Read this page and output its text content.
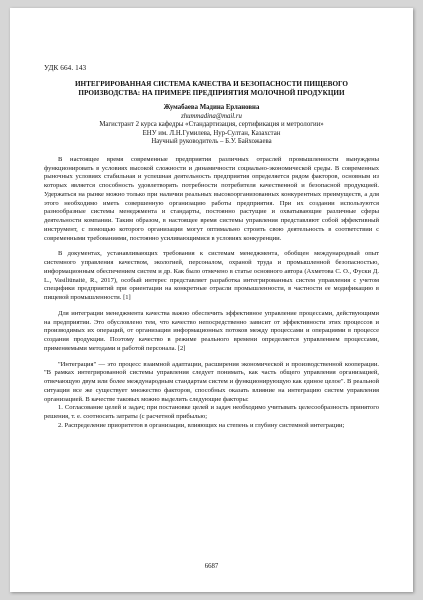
УДК 664. 143
ИНТЕГРИРОВАННАЯ СИСТЕМА КАЧЕСТВА И БЕЗОПАСНОСТИ ПИЩЕВОГО ПРОИЗВОДСТВА: НА ПРИМЕРЕ ПРЕДПРИЯТИЯ МОЛОЧНОЙ ПРОДУКЦИИ
Жумабаева Мадина Ерлановна
zhummadina@mail.ru
Магистрант 2 курса кафедры «Стандартизация, сертификация и метрологии»
ЕНУ им. Л.Н.Гумилева, Нур-Султан, Казахстан
Научный руководитель – Б.У. Байхожаева

В настоящее время современные предприятия различных отраслей промышленности вынуждены функционировать в условиях высокой сложности и динамичности социально-экономической среды. В современных рыночных условиях стабильная и успешная деятельность предприятия определяется рядом факторов, основным из которых является способность удовлетворять потребности потребителя качественной и безопасной продукцией. Удержаться на рынке можно только при наличии реальных высокоорганизованных конкурентных преимуществ, а для этого необходимо иметь совершенную организацию работы предприятия. При их создании используются разнообразные системы менеджмента и стандарты, постоянно растущие и охватывающие различные сферы деятельности компании. Таким образом, в настоящее время системы управления представляют собой эффективный инструмент, с помощью которого организации могут оптимально строить свою деятельность в соответствии с современными требованиями, постоянно усиливающимися в условиях конкуренции.

В документах, устанавливающих требования к системам менеджмента, обобщен международный опыт системного управления качеством, экологией, персоналом, охраной труда и промышленной безопасностью, информационным обеспечением систем и др. Как было отмечено в статье основного автора (Ахметова С. О., Фуски Д. L., Vasiliūnaitė, R., 2017), особый интерес представляет разработка интегрированных систем управления с учетом специфики предприятий при ориентации на конкретные отрасли промышленности, в частности ее модификацию в пищевой промышленности. [1]

Для интеграции менеджмента качества важно обеспечить эффективное управление процессами, действующими на предприятии. Это обусловлено тем, что качество непосредственно зависит от эффективности этих процессов и производимых их операций, от организации информационных потоков между процессами и операциями в процессе создания продукции. Поэтому качество в режиме реального времени определяется управлением процессами, применяемыми методами и работой персонала. [2]

"Интеграция" — это процесс взаимной адаптации, расширения экономической и производственной кооперации. "В рамках интегрированной системы управления следует понимать, как часть общего управления организацией, отвечающую двум или более международным стандартам систем и функционирующую как единое целое". В реальной ситуации все же существует множество факторов, способных оказать влияние на интеграцию систем управления организацией. В качестве таковых можно выделить следующие факторы:

1. Согласование целей и задач; при постановке целей и задач необходимо учитывать целесообразность принятого решения, т. е. соотносить затраты (с расчетной прибылью;
2. Распределение приоритетов в организации, влияющих на степень и глубину системной интеграции;
6687
